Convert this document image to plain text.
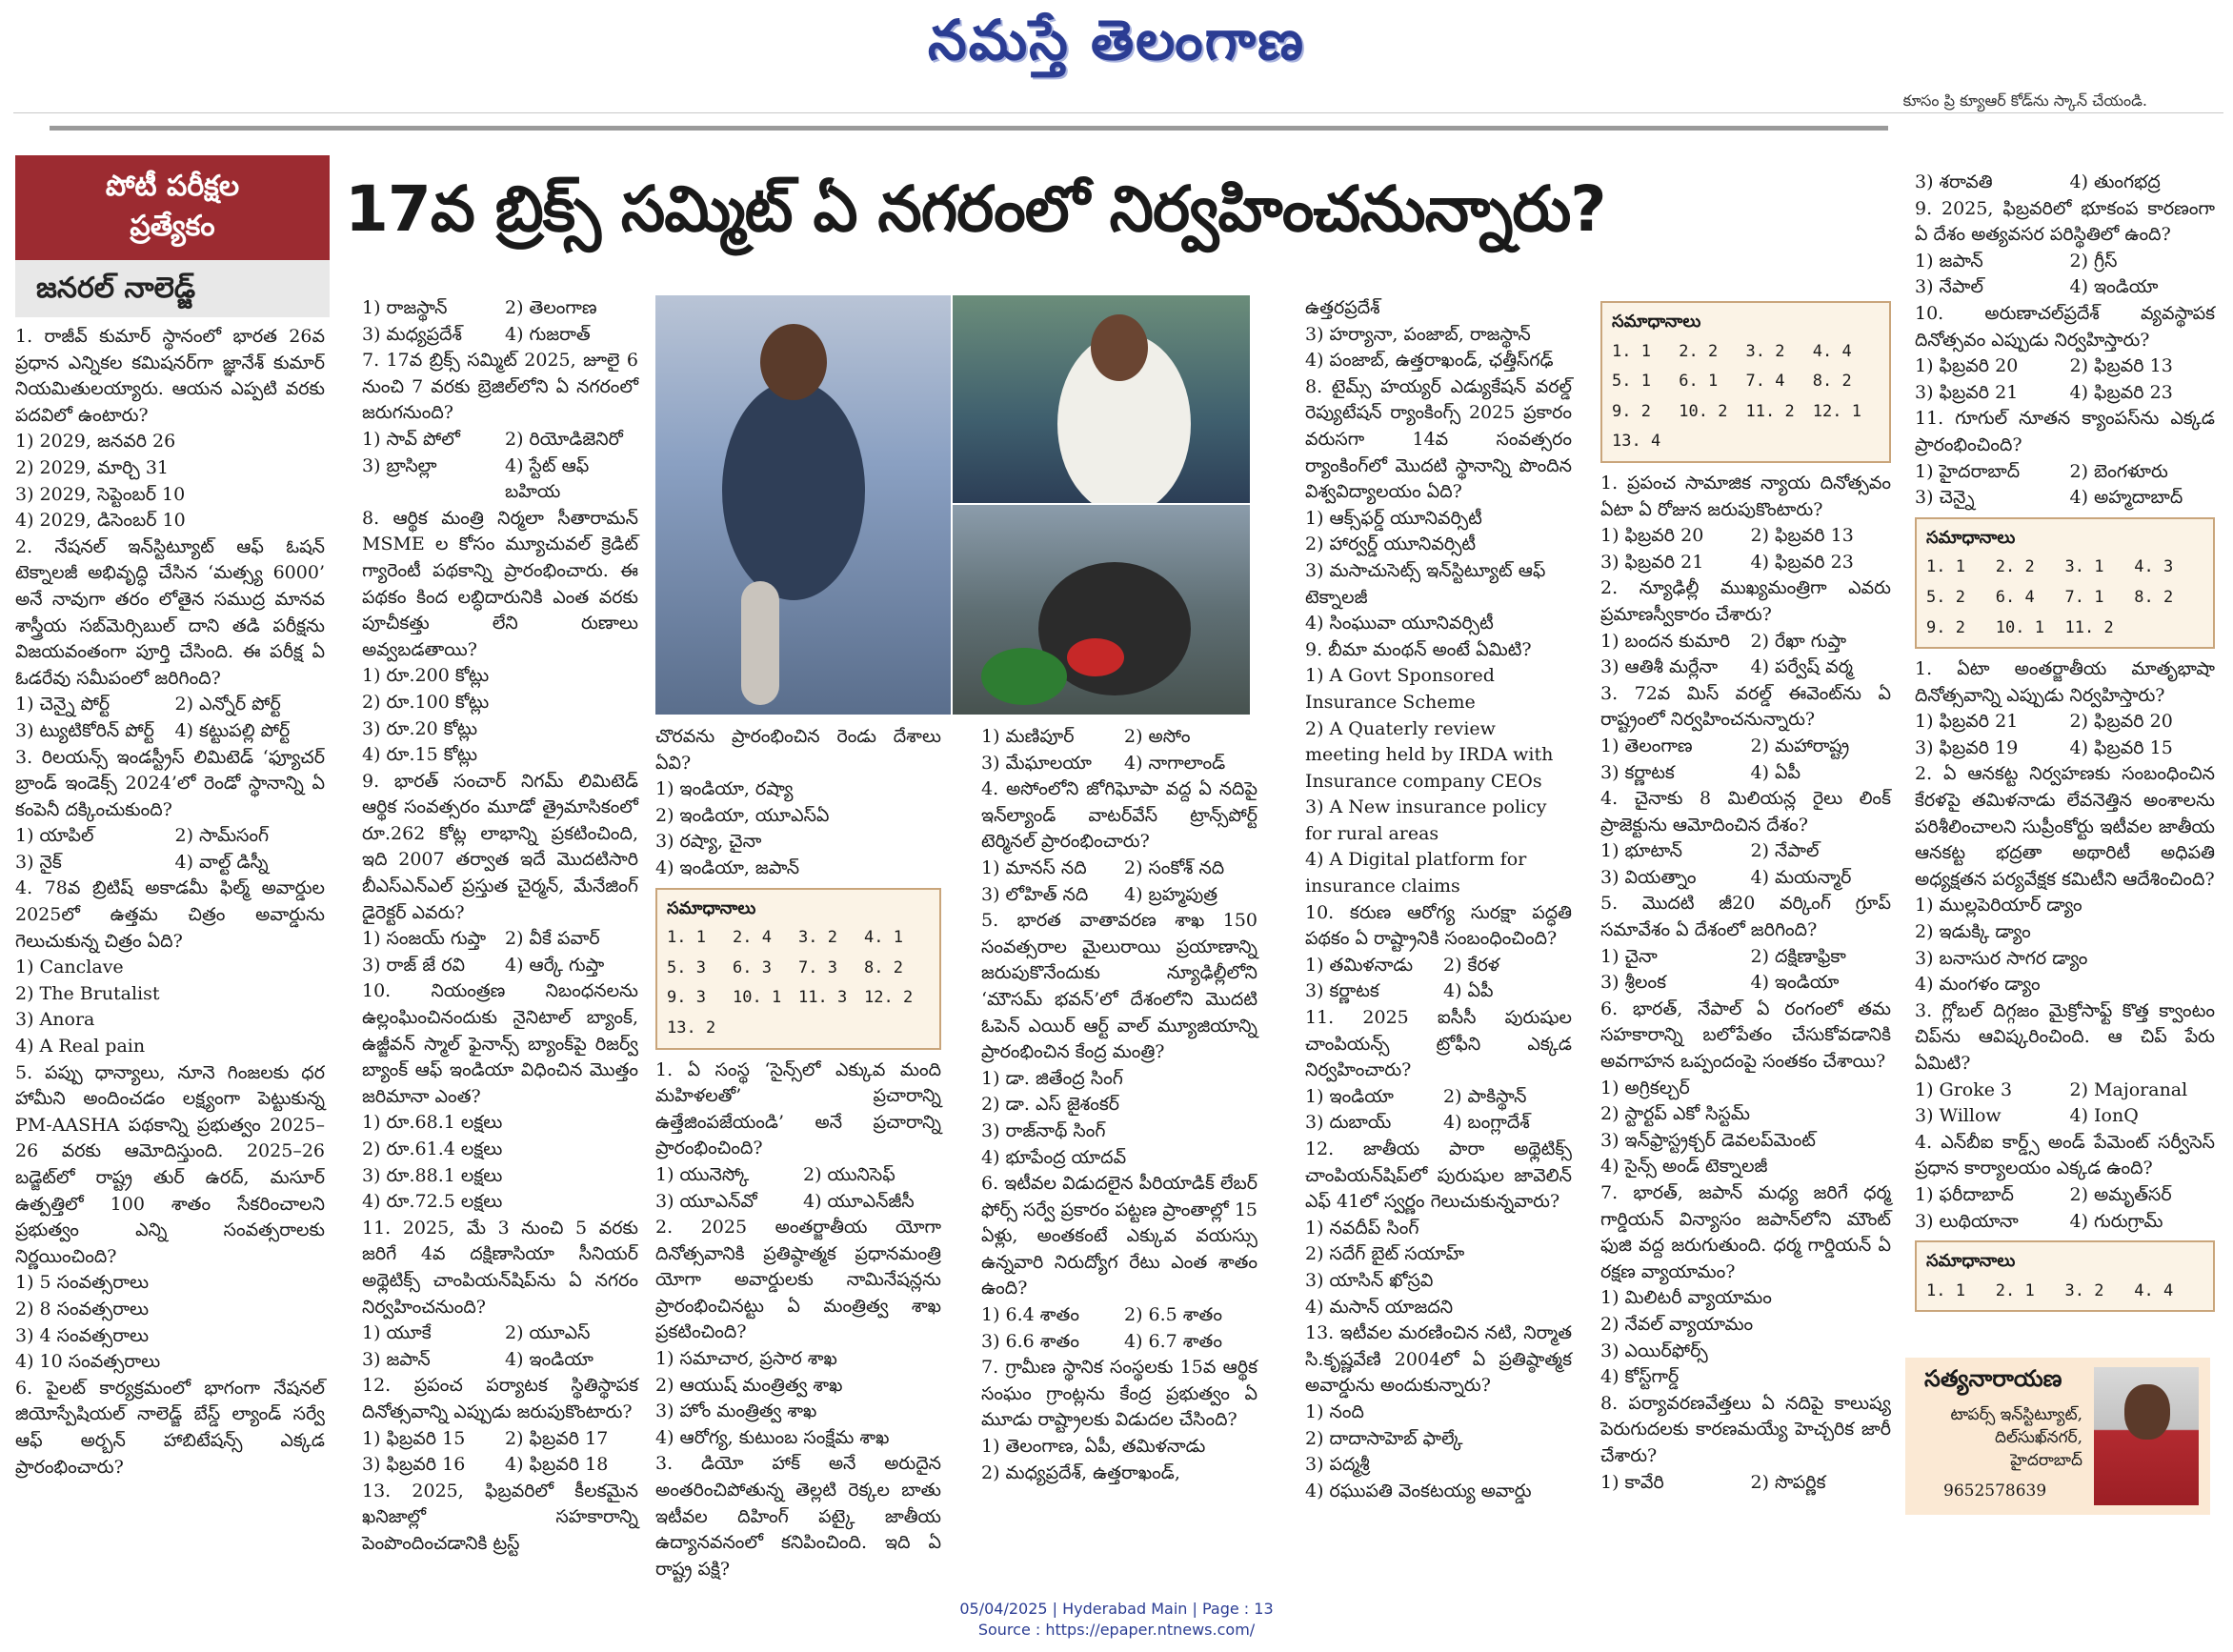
నమస్తే తెలంగాణ
కూసం ప్రి క్యూఆర్ కోడ్‌ను స్కాన్ చేయండి.
పోటీ పరీక్షల
ప్రత్యేకం
జనరల్ నాలెడ్జ్
17వ బ్రిక్స్ సమ్మిట్ ఏ నగరంలో నిర్వహించనున్నారు?

1. రాజీవ్ కుమార్ స్థానంలో భారత 26వ ప్రధాన ఎన్నికల కమిషనర్‌గా జ్ఞానేశ్ కుమార్ నియమితులయ్యారు. ఆయన ఎప్పటి వరకు పదవిలో ఉంటారు?

1) 2029, జనవరి 26
2) 2029, మార్చి 31
3) 2029, సెప్టెంబర్ 10
4) 2029, డిసెంబర్ 10

2. నేషనల్ ఇన్‌స్టిట్యూట్ ఆఫ్ ఓషన్ టెక్నాలజీ అభివృద్ధి చేసిన ‘మత్స్య 6000’ అనే నావుగా తరం లోతైన సముద్ర మానవ శాస్త్రీయ సబ్‌మెర్సిబుల్ దాని తడి పరీక్షను విజయవంతంగా పూర్తి చేసింది. ఈ పరీక్ష ఏ ఓడరేవు సమీపంలో జరిగింది?

1) చెన్నై పోర్ట్	2) ఎన్నోర్ పోర్ట్
3) ట్యుటికోరిన్ పోర్ట్	4) కట్టుపల్లి పోర్ట్

3. రిలయన్స్ ఇండస్ట్రీస్ లిమిటెడ్ ‘ఫ్యూచర్ బ్రాండ్ ఇండెక్స్ 2024’లో రెండో స్థానాన్ని ఏ కంపెనీ దక్కించుకుంది?

1) యాపిల్	2) సామ్‌సంగ్
3) నైక్	4) వాల్ట్ డిస్నీ

4. 78వ బ్రిటిష్ అకాడమీ ఫిల్మ్ అవార్డుల 2025లో ఉత్తమ చిత్రం అవార్డును గెలుచుకున్న చిత్రం ఏది?

1) Canclave
2) The Brutalist
3) Anora
4) A Real pain

5. పప్పు ధాన్యాలు, నూనె గింజలకు ధర హామీని అందించడం లక్ష్యంగా పెట్టుకున్న PM-AASHA పథకాన్ని ప్రభుత్వం 2025–26 వరకు ఆమోదిస్తుంది. 2025–26 బడ్జెట్‌లో రాష్ట్ర తుర్ ఉరద్, మసూర్ ఉత్పత్తిలో 100 శాతం సేకరించాలని ప్రభుత్వం ఎన్ని సంవత్సరాలకు నిర్ణయించింది?

1) 5 సంవత్సరాలు
2) 8 సంవత్సరాలు
3) 4 సంవత్సరాలు
4) 10 సంవత్సరాలు

6. పైలట్ కార్యక్రమంలో భాగంగా నేషనల్ జియోస్పేషియల్ నాలెడ్జ్ బేస్డ్ ల్యాండ్ సర్వే ఆఫ్ అర్బన్ హాబిటేషన్స్ ఎక్కడ ప్రారంభించారు?

1) రాజస్థాన్	2) తెలంగాణ
3) మధ్యప్రదేశ్	4) గుజరాత్

7. 17వ బ్రిక్స్ సమ్మిట్ 2025, జూలై 6 నుంచి 7 వరకు బ్రెజిల్‌లోని ఏ నగరంలో జరుగనుంది?

1) సావ్ పోలో	2) రియోడిజెనిరో
3) బ్రాసిల్లా	4) స్టేట్ ఆఫ్ బహియ

8. ఆర్థిక మంత్రి నిర్మలా సీతారామన్ MSME ల కోసం మ్యూచువల్ క్రెడిట్ గ్యారెంటీ పథకాన్ని ప్రారంభించారు. ఈ పథకం కింద లబ్ధిదారునికి ఎంత వరకు పూచీకత్తు లేని రుణాలు అవ్వబడతాయి?

1) రూ.200 కోట్లు
2) రూ.100 కోట్లు
3) రూ.20 కోట్లు
4) రూ.15 కోట్లు

9. భారత్ సంచార్ నిగమ్ లిమిటెడ్ ఆర్థిక సంవత్సరం మూడో త్రైమాసికంలో రూ.262 కోట్ల లాభాన్ని ప్రకటించింది, ఇది 2007 తర్వాత ఇదే మొదటిసారి బీఎస్ఎన్ఎల్ ప్రస్తుత చైర్మన్, మేనేజింగ్ డైరెక్టర్ ఎవరు?

1) సంజయ్ గుప్తా	2) వీకే పవార్
3) రాజ్ జే రవి	4) ఆర్కే గుప్తా

10. నియంత్రణ నిబంధనలను ఉల్లంఘించినందుకు నైనిటాల్ బ్యాంక్, ఉజ్జీవన్ స్మాల్ ఫైనాన్స్ బ్యాంక్‌పై రిజర్వ్ బ్యాంక్ ఆఫ్ ఇండియా విధించిన మొత్తం జరిమానా ఎంత?

1) రూ.68.1 లక్షలు
2) రూ.61.4 లక్షలు
3) రూ.88.1 లక్షలు
4) రూ.72.5 లక్షలు

11. 2025, మే 3 నుంచి 5 వరకు జరిగే 4వ దక్షిణాసియా సీనియర్ అథ్లెటిక్స్ చాంపియన్‌షిప్‌ను ఏ నగరం నిర్వహించనుంది?

1) యూకే	2) యూఎస్
3) జపాన్	4) ఇండియా

12. ప్రపంచ పర్యాటక స్థితిస్థాపక దినోత్సవాన్ని ఎప్పుడు జరుపుకొంటారు?

1) ఫిబ్రవరి 15	2) ఫిబ్రవరి 17
3) ఫిబ్రవరి 16	4) ఫిబ్రవరి 18

13. 2025, ఫిబ్రవరిలో కీలకమైన ఖనిజాల్లో సహకారాన్ని పెంపొందించడానికి ట్రస్ట్

చొరవను ప్రారంభించిన రెండు దేశాలు ఏవి?

1) ఇండియా, రష్యా
2) ఇండియా, యూఎస్ఏ
3) రష్యా, చైనా
4) ఇండియా, జపాన్
సమాధానాలు
1. 1	2. 4	3. 2	4. 1
5. 3	6. 3	7. 3	8. 2
9. 3	10. 1	11. 3	12. 2
13. 2

1. ఏ సంస్థ ‘సైన్స్‌లో ఎక్కువ మంది మహిళలతో’ ప్రచారాన్ని ఉత్తేజింపజేయండి’ అనే ప్రచారాన్ని ప్రారంభించింది?

1) యునెస్కో	2) యునిసెఫ్
3) యూఎన్‌వో	4) యూఎన్‌జీసీ

2. 2025 అంతర్జాతీయ యోగా దినోత్సవానికి ప్రతిష్ఠాత్మక ప్రధానమంత్రి యోగా అవార్డులకు నామినేషన్లను ప్రారంభించినట్టు ఏ మంత్రిత్వ శాఖ ప్రకటించింది?

1) సమాచార, ప్రసార శాఖ
2) ఆయుష్ మంత్రిత్వ శాఖ
3) హోం మంత్రిత్వ శాఖ
4) ఆరోగ్య, కుటుంబ సంక్షేమ శాఖ

3. డియో హాక్ అనే అరుదైన అంతరించిపోతున్న తెల్లటి రెక్కల బాతు ఇటీవల దిహింగ్ పట్కై జాతీయ ఉద్యానవనంలో కనిపించింది. ఇది ఏ రాష్ట్ర పక్షి?

1) మణిపూర్	2) అసోం
3) మేఘాలయా	4) నాగాలాండ్

4. అసోంలోని జోగిఘోపా వద్ద ఏ నదిపై ఇన్‌ల్యాండ్ వాటర్‌వేస్ ట్రాన్స్‌పోర్ట్ టెర్మినల్ ప్రారంభించారు?

1) మానస్ నది	2) సంకోశ్ నది
3) లోహిత్ నది	4) బ్రహ్మపుత్ర

5. భారత వాతావరణ శాఖ 150 సంవత్సరాల మైలురాయి ప్రయాణాన్ని జరుపుకొనేందుకు న్యూఢిల్లీలోని ‘మౌసమ్ భవన్’లో దేశంలోని మొదటి ఓపెన్ ఎయిర్ ఆర్ట్ వాల్ మ్యూజియాన్ని ప్రారంభించిన కేంద్ర మంత్రి?

1) డా. జితేంద్ర సింగ్
2) డా. ఎస్ జైశంకర్
3) రాజ్‌నాథ్ సింగ్
4) భూపేంద్ర యాదవ్

6. ఇటీవల విడుదలైన పీరియాడిక్ లేబర్ ఫోర్స్ సర్వే ప్రకారం పట్టణ ప్రాంతాల్లో 15 ఏళ్లు, అంతకంటే ఎక్కువ వయస్సు ఉన్నవారి నిరుద్యోగ రేటు ఎంత శాతం ఉంది?

1) 6.4 శాతం	2) 6.5 శాతం
3) 6.6 శాతం	4) 6.7 శాతం

7. గ్రామీణ స్థానిక సంస్థలకు 15వ ఆర్థిక సంఘం గ్రాంట్లను కేంద్ర ప్రభుత్వం ఏ మూడు రాష్ట్రాలకు విడుదల చేసింది?

1) తెలంగాణ, ఏపీ, తమిళనాడు
2) మధ్యప్రదేశ్, ఉత్తరాఖండ్,

ఉత్తరప్రదేశ్

3) హర్యానా, పంజాబ్, రాజస్థాన్
4) పంజాబ్, ఉత్తరాఖండ్, ఛత్తీస్‌గఢ్

8. టైమ్స్ హయ్యర్ ఎడ్యుకేషన్ వరల్డ్ రెప్యుటేషన్ ర్యాంకింగ్స్ 2025 ప్రకారం వరుసగా 14వ సంవత్సరం ర్యాంకింగ్‌లో మొదటి స్థానాన్ని పొందిన విశ్వవిద్యాలయం ఏది?

1) ఆక్స్‌ఫర్డ్ యూనివర్సిటీ
2) హార్వర్డ్ యూనివర్సిటీ
3) మసాచుసెట్స్ ఇన్‌స్టిట్యూట్ ఆఫ్ టెక్నాలజీ
4) సింఘువా యూనివర్సిటీ

9. బీమా మంథన్ అంటే ఏమిటి?

1) A Govt Sponsored Insurance Scheme
2) A Quaterly review meeting held by IRDA with Insurance company CEOs
3) A New insurance policy for rural areas
4) A Digital platform for insurance claims

10. కరుణ ఆరోగ్య సురక్షా పద్ధతి పథకం ఏ రాష్ట్రానికి సంబంధించింది?

1) తమిళనాడు	2) కేరళ
3) కర్ణాటక	4) ఏపీ

11. 2025 ఐసీసీ పురుషుల చాంపియన్స్ ట్రోఫీని ఎక్కడ నిర్వహించారు?

1) ఇండియా	2) పాకిస్థాన్
3) దుబాయ్	4) బంగ్లాదేశ్

12. జాతీయ పారా అథ్లెటిక్స్ చాంపియన్‌షిప్‌లో పురుషుల జావెలిన్ ఎఫ్ 41లో స్వర్ణం గెలుచుకున్నవారు?

1) నవదీప్ సింగ్
2) సదేగ్ బైట్ సయాహ్
3) యాసిన్ ఖోస్రవి
4) మసాన్ యాజదని

13. ఇటీవల మరణించిన నటి, నిర్మాత సి.కృష్ణవేణి 2004లో ఏ ప్రతిష్ఠాత్మక అవార్డును అందుకున్నారు?

1) నంది
2) దాదాసాహెబ్ ఫాల్కే
3) పద్మశ్రీ
4) రఘుపతి వెంకటయ్య అవార్డు
సమాధానాలు
1. 1	2. 2	3. 2	4. 4
5. 1	6. 1	7. 4	8. 2
9. 2	10. 2	11. 2	12. 1
13. 4

1. ప్రపంచ సామాజిక న్యాయ దినోత్సవం ఏటా ఏ రోజున జరుపుకొంటారు?

1) ఫిబ్రవరి 20	2) ఫిబ్రవరి 13
3) ఫిబ్రవరి 21	4) ఫిబ్రవరి 23

2. న్యూఢిల్లీ ముఖ్యమంత్రిగా ఎవరు ప్రమాణస్వీకారం చేశారు?

1) బందన కుమారి	2) రేఖా గుప్తా
3) ఆతిశీ మర్లేనా	4) పర్వేష్ వర్మ

3. 72వ మిస్ వరల్డ్ ఈవెంట్‌ను ఏ రాష్ట్రంలో నిర్వహించనున్నారు?

1) తెలంగాణ	2) మహారాష్ట్ర
3) కర్ణాటక	4) ఏపీ

4. చైనాకు 8 మిలియన్ల రైలు లింక్ ప్రాజెక్టును ఆమోదించిన దేశం?

1) భూటాన్	2) నేపాల్
3) వియత్నాం	4) మయన్మార్

5. మొదటి జీ20 వర్కింగ్ గ్రూప్ సమావేశం ఏ దేశంలో జరిగింది?

1) చైనా	2) దక్షిణాఫ్రికా
3) శ్రీలంక	4) ఇండియా

6. భారత్, నేపాల్ ఏ రంగంలో తమ సహకారాన్ని బలోపేతం చేసుకోవడానికి అవగాహన ఒప్పందంపై సంతకం చేశాయి?

1) అగ్రికల్చర్
2) స్టార్టప్ ఎకో సిస్టమ్
3) ఇన్‌ఫ్రాస్ట్రక్చర్ డెవలప్‌మెంట్
4) సైన్స్ అండ్ టెక్నాలజీ

7. భారత్, జపాన్ మధ్య జరిగే ధర్మ గార్డియన్ విన్యాసం జపాన్‌లోని మౌంట్ ఫుజి వద్ద జరుగుతుంది. ధర్మ గార్డియన్ ఏ రక్షణ వ్యాయామం?

1) మిలిటరీ వ్యాయామం
2) నేవల్ వ్యాయామం
3) ఎయిర్‌ఫోర్స్
4) కోస్ట్‌గార్డ్

8. పర్యావరణవేత్తలు ఏ నదిపై కాలుష్య పెరుగుదలకు కారణమయ్యే హెచ్చరిక జారీ చేశారు?

1) కావేరి	2) సొపర్ణిక
3) శరావతి	4) తుంగభద్ర

9. 2025, ఫిబ్రవరిలో భూకంప కారణంగా ఏ దేశం అత్యవసర పరిస్థితిలో ఉంది?

1) జపాన్	2) గ్రీస్
3) నేపాల్	4) ఇండియా

10. అరుణాచల్‌ప్రదేశ్ వ్యవస్థాపక దినోత్సవం ఎప్పుడు నిర్వహిస్తారు?

1) ఫిబ్రవరి 20	2) ఫిబ్రవరి 13
3) ఫిబ్రవరి 21	4) ఫిబ్రవరి 23

11. గూగుల్ నూతన క్యాంపస్‌ను ఎక్కడ ప్రారంభించింది?

1) హైదరాబాద్	2) బెంగళూరు
3) చెన్నై	4) అహ్మదాబాద్
సమాధానాలు
1. 1	2. 2	3. 1	4. 3
5. 2	6. 4	7. 1	8. 2
9. 2	10. 1	11. 2

1. ఏటా అంతర్జాతీయ మాతృభాషా దినోత్సవాన్ని ఎప్పుడు నిర్వహిస్తారు?

1) ఫిబ్రవరి 21	2) ఫిబ్రవరి 20
3) ఫిబ్రవరి 19	4) ఫిబ్రవరి 15

2. ఏ ఆనకట్ట నిర్వహణకు సంబంధించిన కేరళపై తమిళనాడు లేవనెత్తిన అంశాలను పరిశీలించాలని సుప్రీంకోర్టు ఇటీవల జాతీయ ఆనకట్ట భద్రతా అథారిటీ అధిపతి అధ్యక్షతన పర్యవేక్షక కమిటీని ఆదేశించింది?

1) ముల్లపెరియార్ డ్యాం
2) ఇడుక్కి డ్యాం
3) బనాసుర సాగర డ్యాం
4) మంగళం డ్యాం

3. గ్లోబల్ దిగ్గజం మైక్రోసాఫ్ట్ కొత్త క్వాంటం చిప్‌ను ఆవిష్కరించింది. ఆ చిప్ పేరు ఏమిటి?

1) Groke 3	2) Majoranal
3) Willow	4) IonQ

4. ఎన్‌బీఐ కార్డ్స్ అండ్ పేమెంట్ సర్వీసెస్ ప్రధాన కార్యాలయం ఎక్కడ ఉంది?

1) ఫరీదాబాద్	2) అమృత్‌సర్
3) లుథియానా	4) గురుగ్రామ్
సమాధానాలు
1. 1	2. 1	3. 2	4. 4
సత్యనారాయణ
టాపర్స్ ఇన్‌స్టిట్యూట్, దిల్‌సుఖ్‌నగర్, హైదరాబాద్
9652578639
05/04/2025 | Hyderabad Main | Page : 13
Source : https://epaper.ntnews.com/
